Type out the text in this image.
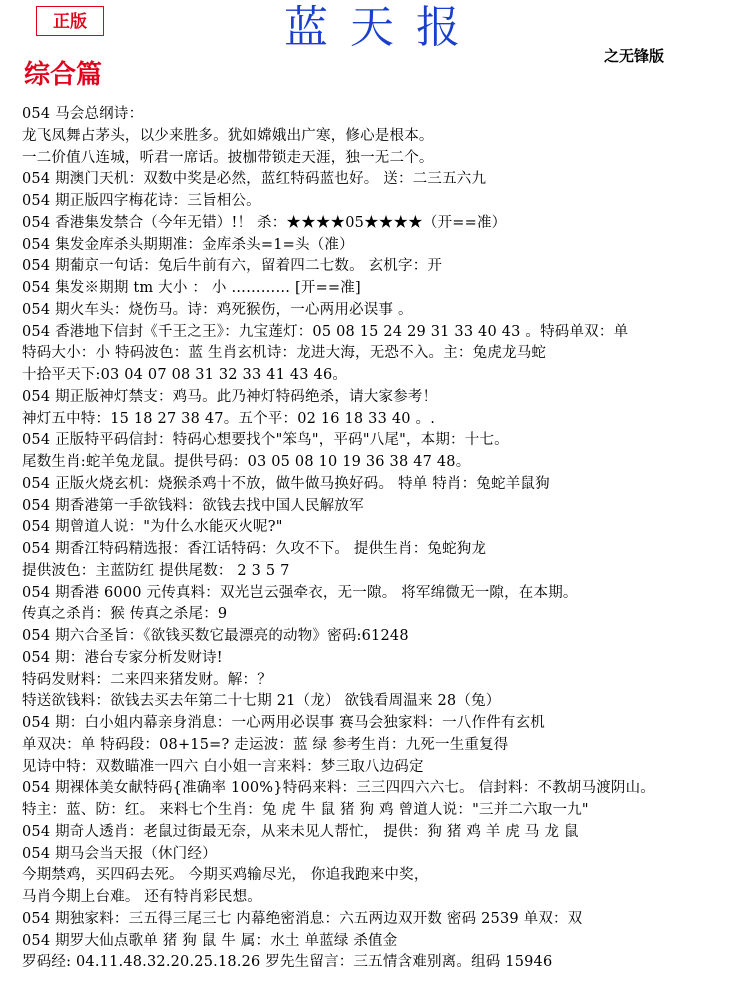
正版	蓝天报
之无锋版
综合篇
054 马会总纲诗：
龙飞凤舞占茅头，以少来胜多。犹如嫦娥出广寒，修心是根本。
一二价值八连城，听君一席话。披枷带锁走天涯，独一无二个。
054 期澳门天机：双数中奖是必然，蓝红特码蓝也好。 送：二三五六九
054 期正版四字梅花诗：三旨相公。
054 香港集发禁合（今年无错）!！ 杀：★★★★05★★★★（开==准）
054 集发金库杀头期期准：金库杀头=1=头（准）
054 期葡京一句话：兔后牛前有六，留着四二七数。 玄机字：开
054 集发※期期 tm 大小 ： 小 ………… [开==准]
054 期火车头：烧伤马。诗：鸡死猴伤，一心两用必误事 。
054 香港地下信封《千王之王》：九宝莲灯：05 08 15 24 29 31 33 40 43 。特码单双：单
特码大小：小 特码波色：蓝 生肖玄机诗：龙进大海，无恐不入。主：兔虎龙马蛇
十拾平天下:03 04 07 08 31 32 33 41 43 46。
054 期正版神灯禁支：鸡马。此乃神灯特码绝杀，请大家参考！
神灯五中特：15 18 27 38 47。五个平：02 16 18 33 40 。.
054 正版特平码信封：特码心想要找个"笨鸟"，平码"八尾"，本期：十七。
尾数生肖:蛇羊兔龙鼠。提供号码：03 05 08 10 19 36 38 47 48。
054 正版火烧玄机：烧猴杀鸡十不放，做牛做马换好码。 特单 特肖：兔蛇羊鼠狗
054 期香港第一手欲钱料：欲钱去找中国人民解放军
054 期曾道人说："为什么水能灭火呢?"
054 期香江特码精选报：香江话特码：久攻不下。 提供生肖：兔蛇狗龙
提供波色：主蓝防红 提供尾数： 2 3 5 7
054 期香港 6000 元传真料：双光岂云强牵衣，无一隙。 将军绵微无一隙，在本期。
传真之杀肖：猴 传真之杀尾：9
054 期六合圣旨：《欲钱买数它最漂亮的动物》密码:61248
054 期：港台专家分析发财诗!
特码发财料：二来四来猪发财。解：？
特送欲钱料：欲钱去买去年第二十七期 21（龙） 欲钱看周温来 28（兔）
054 期：白小姐内幕亲身消息：一心两用必误事 赛马会独家料：一八作件有玄机
单双决：单 特码段：08+15=? 走运波：蓝 绿 参考生肖：九死一生重复得
见诗中特：双数瞄准一四六 白小姐一言来料：梦三取八边码定
054 期裸体美女献特码{准确率 100%}特码来料：三三四四六六七。 信封料：不教胡马渡阴山。
特主：蓝、防：红。 来料七个生肖：兔 虎 牛 鼠 猪 狗 鸡 曾道人说："三并二六取一九"
054 期奇人透肖：老鼠过街最无奈，从来未见人帮忙， 提供：狗 猪 鸡 羊 虎 马 龙 鼠
054 期马会当天报（休门经）
今期禁鸡，买四码去死。 今期买鸡输尽光， 你追我跑来中奖，
马肖今期上台难。 还有特肖彩民想。
054 期独家料：三五得三尾三七 内幕绝密消息：六五两边双开数 密码 2539 单双：双
054 期罗大仙点歌单 猪 狗 鼠 牛 属：水土 单蓝绿 杀值金
罗码经: 04.11.48.32.20.25.18.26 罗先生留言：三五情含难别离。组码 15946
